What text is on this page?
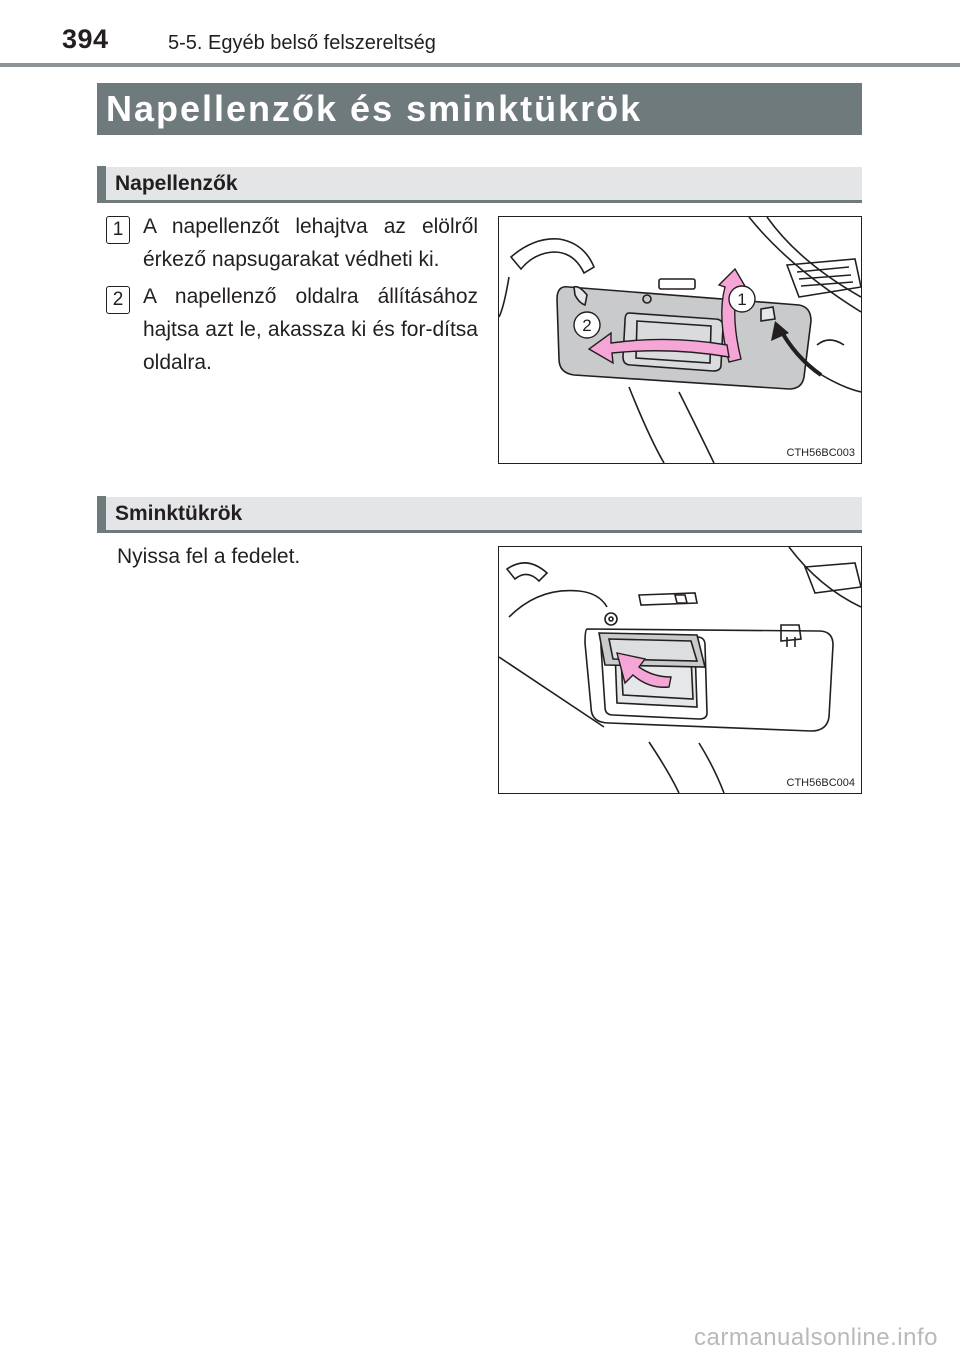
394	5-5. Egyéb belső felszereltség
Napellenzők és sminktükrök
Napellenzők
1 A napellenzőt lehajtva az elölről érkező napsugarakat védheti ki.
2 A napellenző oldalra állításához hajtsa azt le, akassza ki és for-dítsa oldalra.
1
2
CTH56BC003
Sminktükrök
Nyissa fel a fedelet.
CTH56BC004
carmanualsonline.info
